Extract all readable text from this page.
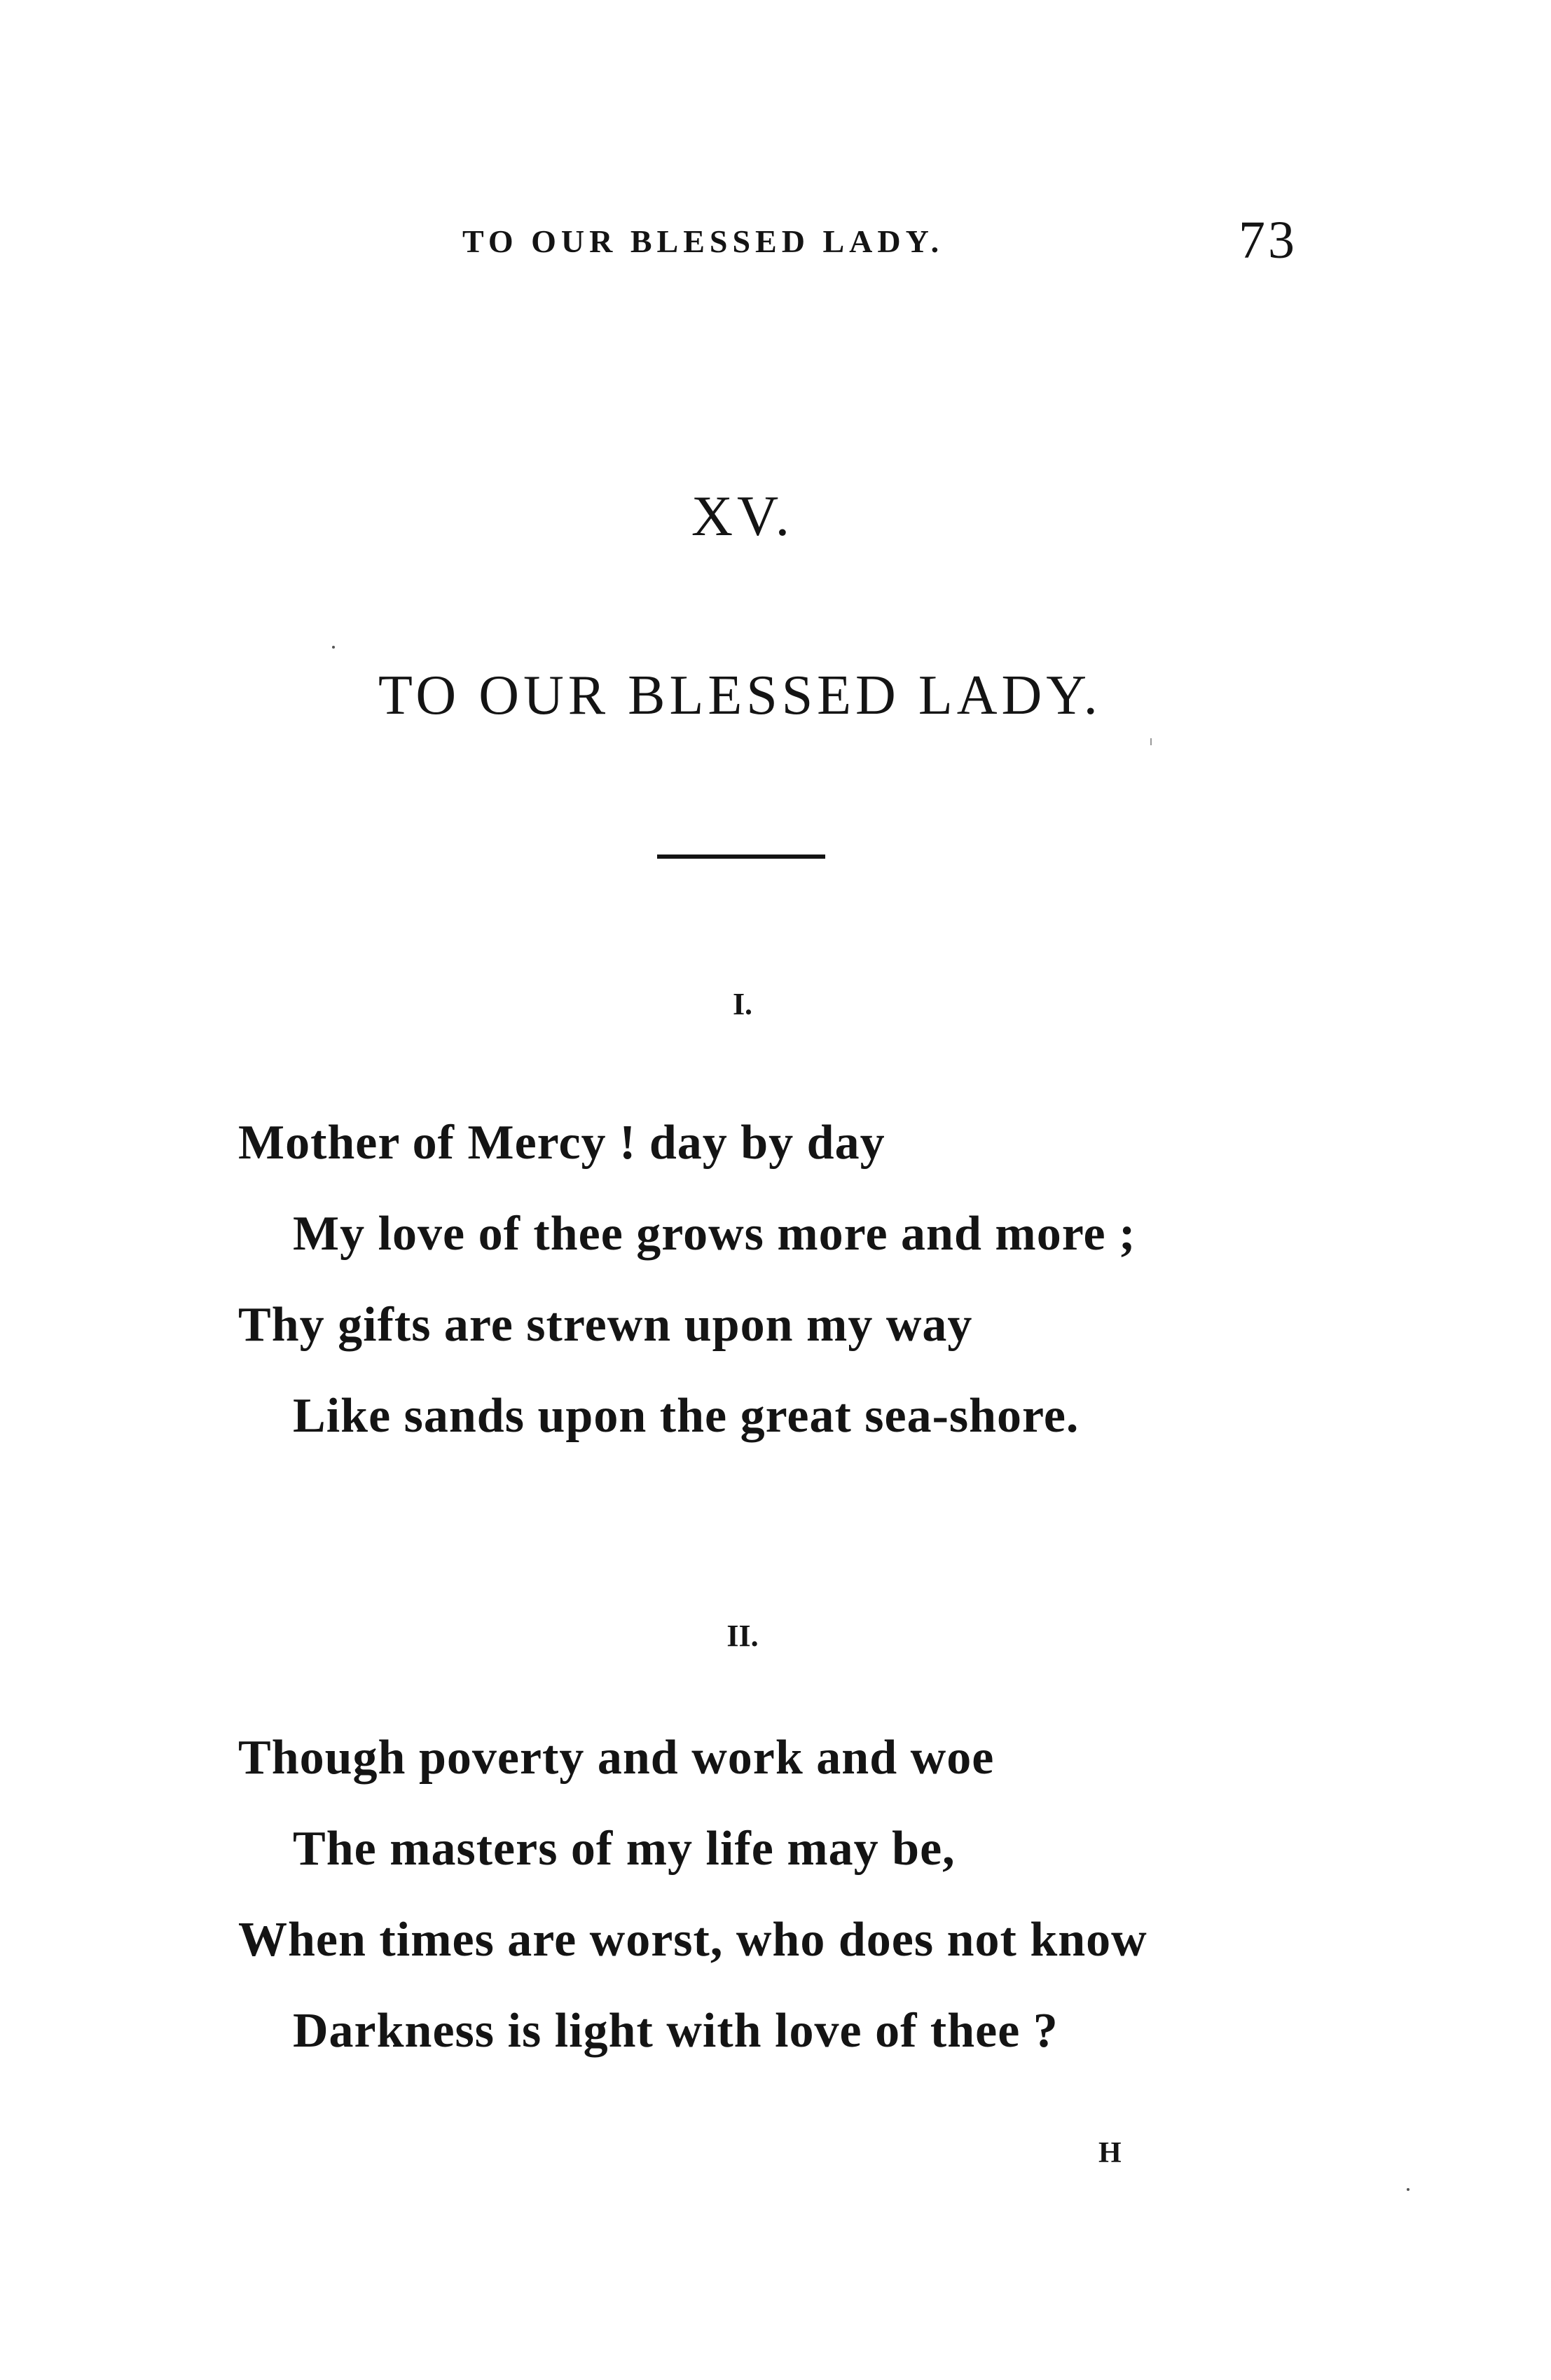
TO OUR BLESSED LADY.	73
XV.
TO OUR BLESSED LADY.
I.
Mother of Mercy ! day by day
My love of thee grows more and more ;
Thy gifts are strewn upon my way
Like sands upon the great sea-shore.
II.
Though poverty and work and woe
The masters of my life may be,
When times are worst, who does not know
Darkness is light with love of thee ?
H
